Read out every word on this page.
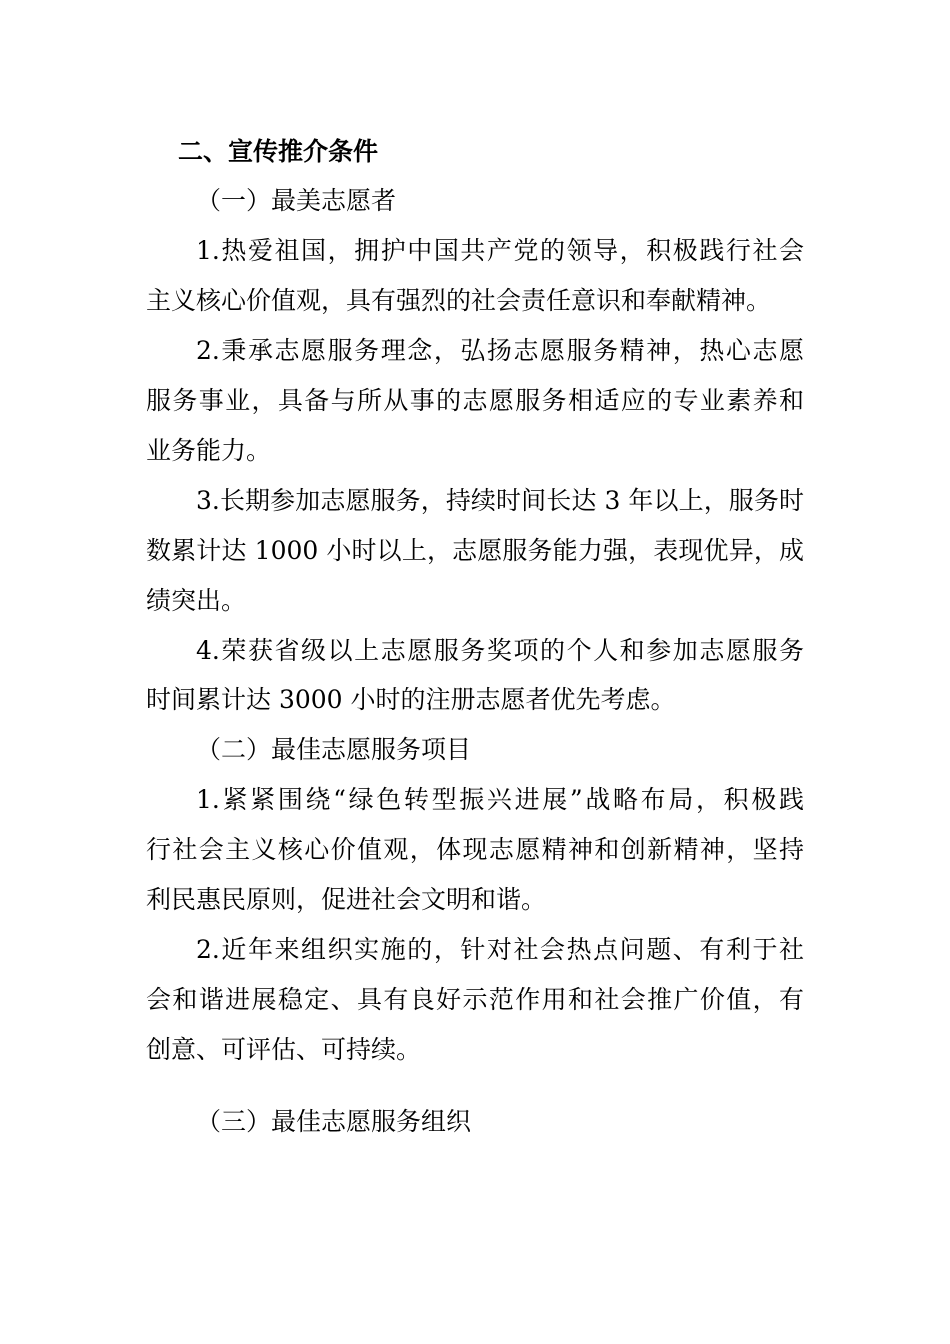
二、宣传推介条件
（一）最美志愿者
1.热爱祖国，拥护中国共产党的领导，积极践行社会
主义核心价值观，具有强烈的社会责任意识和奉献精神。
2.秉承志愿服务理念，弘扬志愿服务精神，热心志愿
服务事业，具备与所从事的志愿服务相适应的专业素养和
业务能力。
3.长期参加志愿服务，持续时间长达 3 年以上，服务时
数累计达 1000 小时以上，志愿服务能力强，表现优异，成
绩突出。
4.荣获省级以上志愿服务奖项的个人和参加志愿服务
时间累计达 3000 小时的注册志愿者优先考虑。
（二）最佳志愿服务项目
1.紧紧围绕“绿色转型振兴进展”战略布局，积极践
行社会主义核心价值观，体现志愿精神和创新精神，坚持
利民惠民原则，促进社会文明和谐。
2.近年来组织实施的，针对社会热点问题、有利于社
会和谐进展稳定、具有良好示范作用和社会推广价值，有
创意、可评估、可持续。
（三）最佳志愿服务组织
